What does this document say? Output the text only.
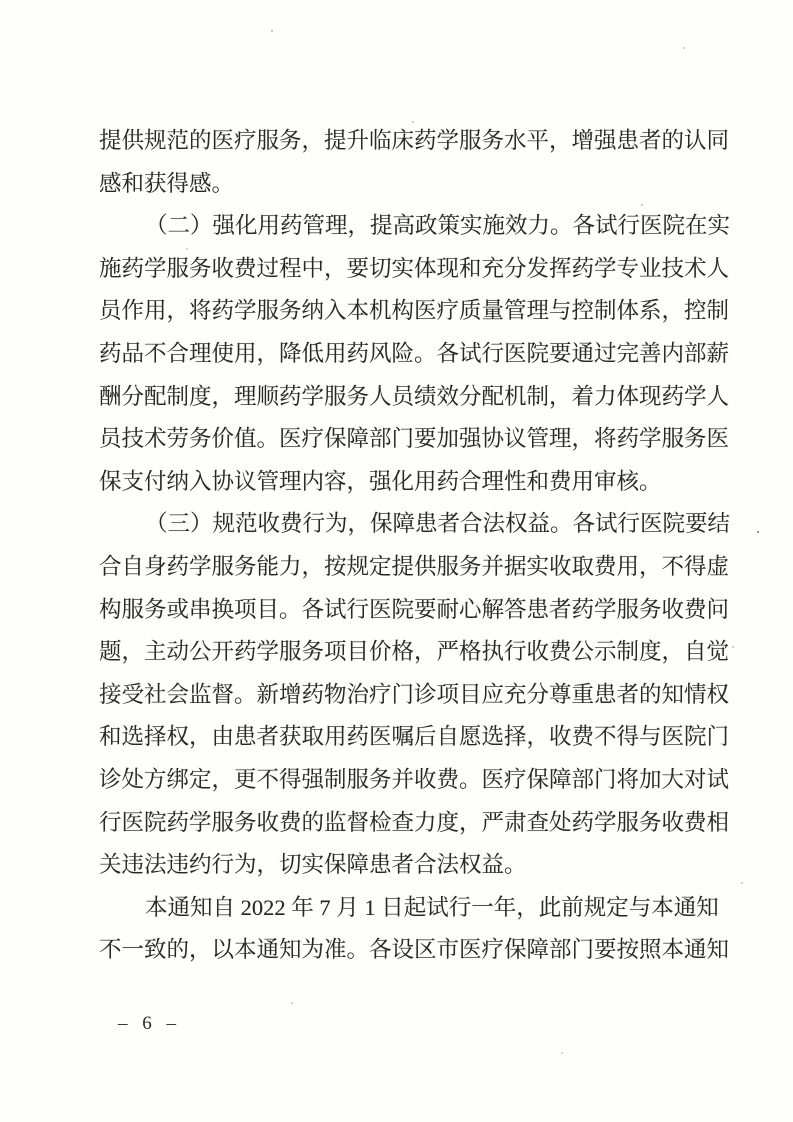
提供规范的医疗服务，提升临床药学服务水平，增强患者的认同
感和获得感。
（二）强化用药管理，提高政策实施效力。各试行医院在实
施药学服务收费过程中，要切实体现和充分发挥药学专业技术人
员作用，将药学服务纳入本机构医疗质量管理与控制体系，控制
药品不合理使用，降低用药风险。各试行医院要通过完善内部薪
酬分配制度，理顺药学服务人员绩效分配机制，着力体现药学人
员技术劳务价值。医疗保障部门要加强协议管理，将药学服务医
保支付纳入协议管理内容，强化用药合理性和费用审核。
（三）规范收费行为，保障患者合法权益。各试行医院要结
合自身药学服务能力，按规定提供服务并据实收取费用，不得虚
构服务或串换项目。各试行医院要耐心解答患者药学服务收费问
题，主动公开药学服务项目价格，严格执行收费公示制度，自觉
接受社会监督。新增药物治疗门诊项目应充分尊重患者的知情权
和选择权，由患者获取用药医嘱后自愿选择，收费不得与医院门
诊处方绑定，更不得强制服务并收费。医疗保障部门将加大对试
行医院药学服务收费的监督检查力度，严肃查处药学服务收费相
关违法违约行为，切实保障患者合法权益。
本通知自 2022 年 7 月 1 日起试行一年，此前规定与本通知
不一致的，以本通知为准。各设区市医疗保障部门要按照本通知
– 6 –
